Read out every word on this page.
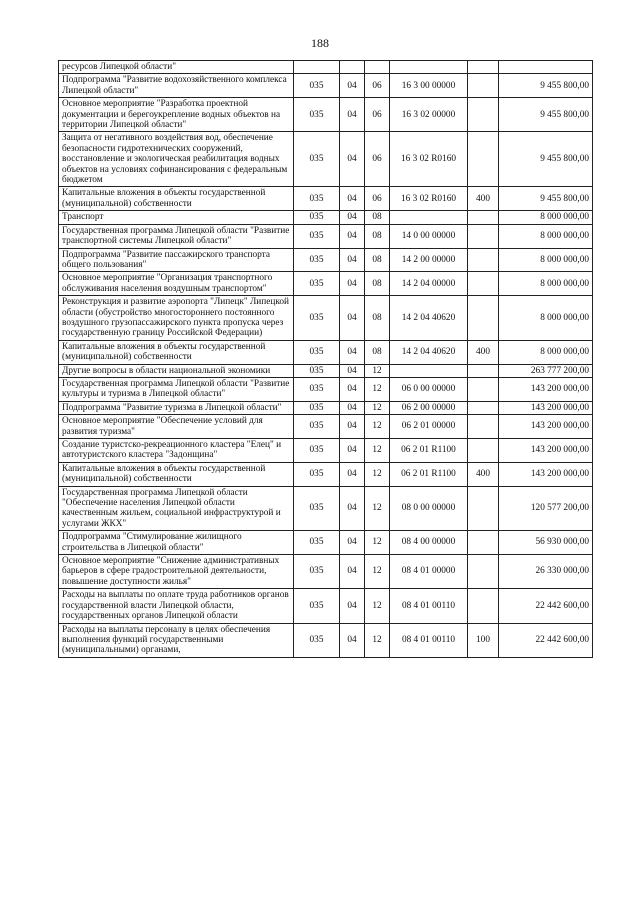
188
ресурсов Липецкой области"						
Подпрограмма "Развитие водохозяйственного комплекса Липецкой области"	035	04	06	16 3 00 00000		9 455 800,00
Основное мероприятие "Разработка проектной документации и берегоукрепление водных объектов на территории Липецкой области"	035	04	06	16 3 02 00000		9 455 800,00
Защита от негативного воздействия вод, обеспечение безопасности гидротехнических сооружений, восстановление и экологическая реабилитация водных объектов на условиях софинансирования с федеральным бюджетом	035	04	06	16 3 02 R0160		9 455 800,00
Капитальные вложения в объекты государственной (муниципальной) собственности	035	04	06	16 3 02 R0160	400	9 455 800,00
Транспорт	035	04	08			8 000 000,00
Государственная программа Липецкой области "Развитие транспортной системы Липецкой области"	035	04	08	14 0 00 00000		8 000 000,00
Подпрограмма "Развитие пассажирского транспорта общего пользования"	035	04	08	14 2 00 00000		8 000 000,00
Основное мероприятие "Организация транспортного обслуживания населения воздушным транспортом"	035	04	08	14 2 04 00000		8 000 000,00
Реконструкция и развитие аэропорта "Липецк" Липецкой области (обустройство многостороннего постоянного воздушного грузопассажирского пункта пропуска через государственную границу Российской Федерации)	035	04	08	14 2 04 40620		8 000 000,00
Капитальные вложения в объекты государственной (муниципальной) собственности	035	04	08	14 2 04 40620	400	8 000 000,00
Другие вопросы в области национальной экономики	035	04	12			263 777 200,00
Государственная программа Липецкой области "Развитие культуры и туризма в Липецкой области"	035	04	12	06 0 00 00000		143 200 000,00
Подпрограмма "Развитие туризма в Липецкой области"	035	04	12	06 2 00 00000		143 200 000,00
Основное мероприятие "Обеспечение условий для развития туризма"	035	04	12	06 2 01 00000		143 200 000,00
Создание туристско-рекреационного кластера "Елец" и автотуристского кластера "Задонщина"	035	04	12	06 2 01 R1100		143 200 000,00
Капитальные вложения в объекты государственной (муниципальной) собственности	035	04	12	06 2 01 R1100	400	143 200 000,00
Государственная программа Липецкой области "Обеспечение населения Липецкой области качественным жильем, социальной инфраструктурой и услугами ЖКХ"	035	04	12	08 0 00 00000		120 577 200,00
Подпрограмма "Стимулирование жилищного строительства в Липецкой области"	035	04	12	08 4 00 00000		56 930 000,00
Основное мероприятие "Снижение административных барьеров в сфере градостроительной деятельности, повышение доступности жилья"	035	04	12	08 4 01 00000		26 330 000,00
Расходы на выплаты по оплате труда работников органов государственной власти Липецкой области, государственных органов Липецкой области	035	04	12	08 4 01 00110		22 442 600,00
Расходы на выплаты персоналу в целях обеспечения выполнения функций государственными (муниципальными) органами,	035	04	12	08 4 01 00110	100	22 442 600,00
